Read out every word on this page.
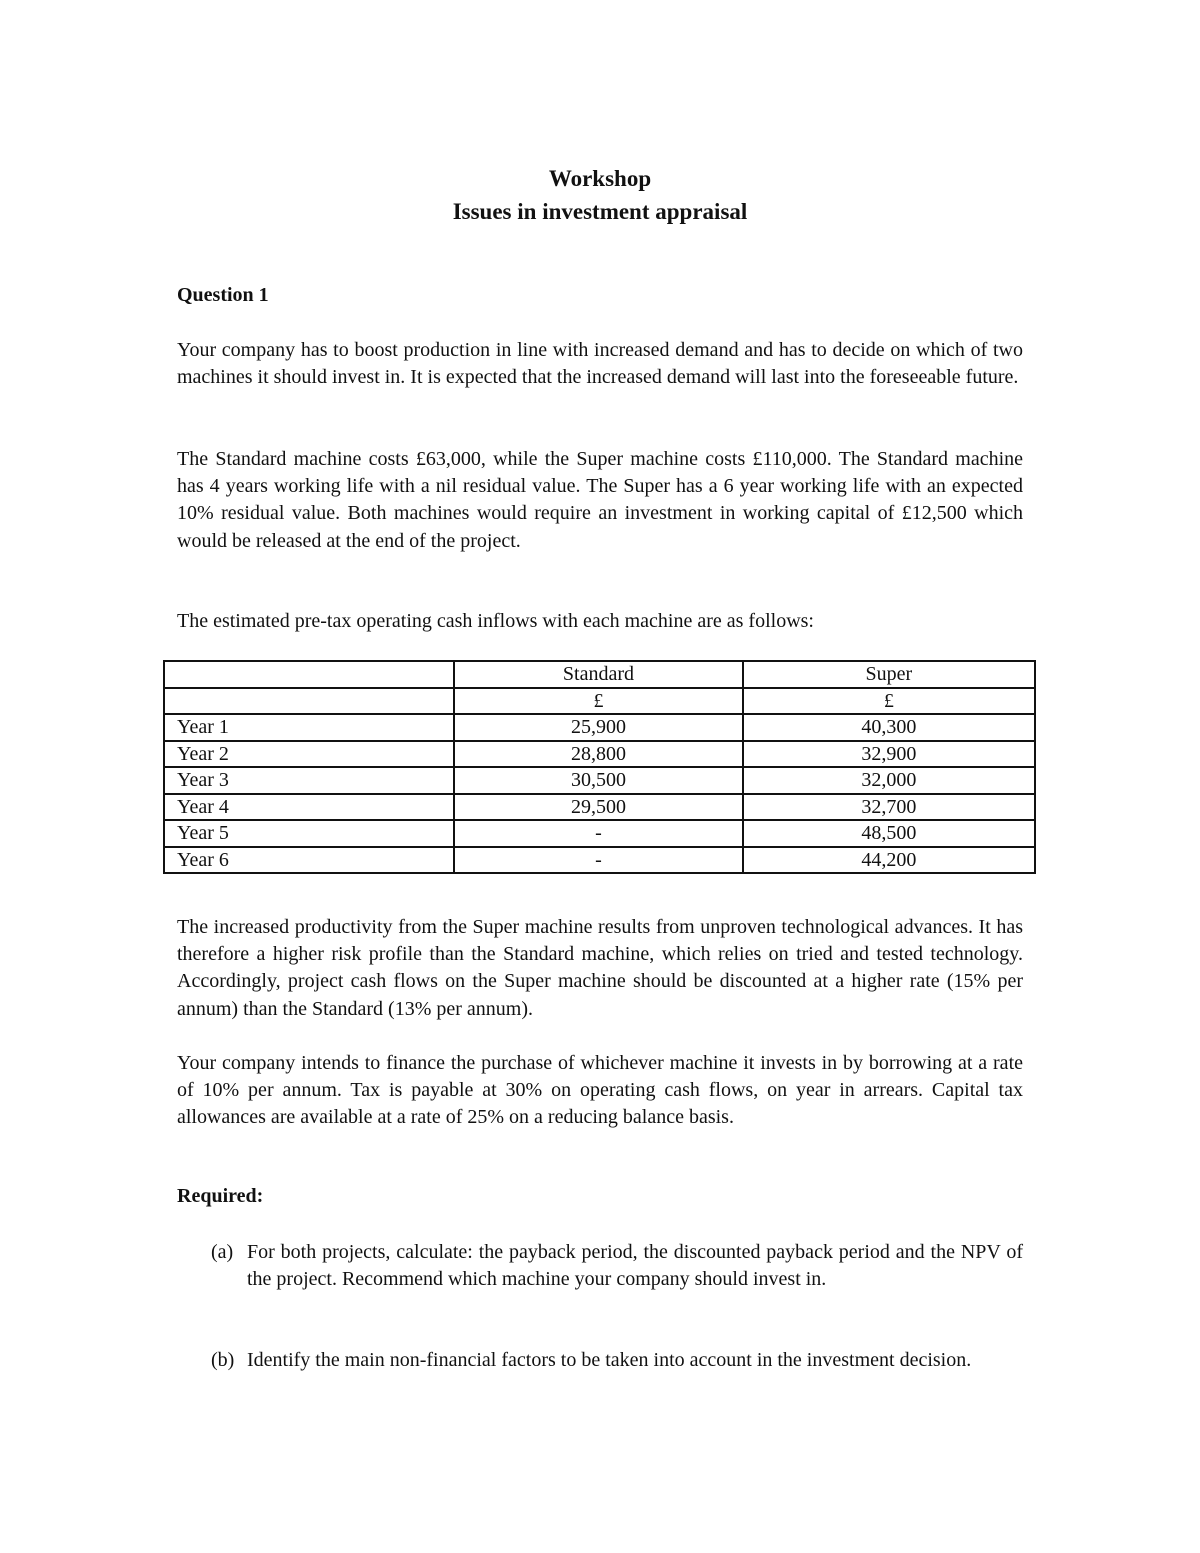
Workshop
Issues in investment appraisal
Question 1
Your company has to boost production in line with increased demand and has to decide on which of two machines it should invest in. It is expected that the increased demand will last into the foreseeable future.
The Standard machine costs £63,000, while the Super machine costs £110,000. The Standard machine has 4 years working life with a nil residual value. The Super has a 6 year working life with an expected 10% residual value. Both machines would require an investment in working capital of £12,500 which would be released at the end of the project.
The estimated pre-tax operating cash inflows with each machine are as follows:
	Standard	Super
	£	£
Year 1	25,900	40,300
Year 2	28,800	32,900
Year 3	30,500	32,000
Year 4	29,500	32,700
Year 5	-	48,500
Year 6	-	44,200
The increased productivity from the Super machine results from unproven technological advances. It has therefore a higher risk profile than the Standard machine, which relies on tried and tested technology. Accordingly, project cash flows on the Super machine should be discounted at a higher rate (15% per annum) than the Standard (13% per annum).
Your company intends to finance the purchase of whichever machine it invests in by borrowing at a rate of 10% per annum. Tax is payable at 30% on operating cash flows, on year in arrears. Capital tax allowances are available at a rate of 25% on a reducing balance basis.
Required:
(a) For both projects, calculate: the payback period, the discounted payback period and the NPV of the project. Recommend which machine your company should invest in.
(b) Identify the main non-financial factors to be taken into account in the investment decision.
